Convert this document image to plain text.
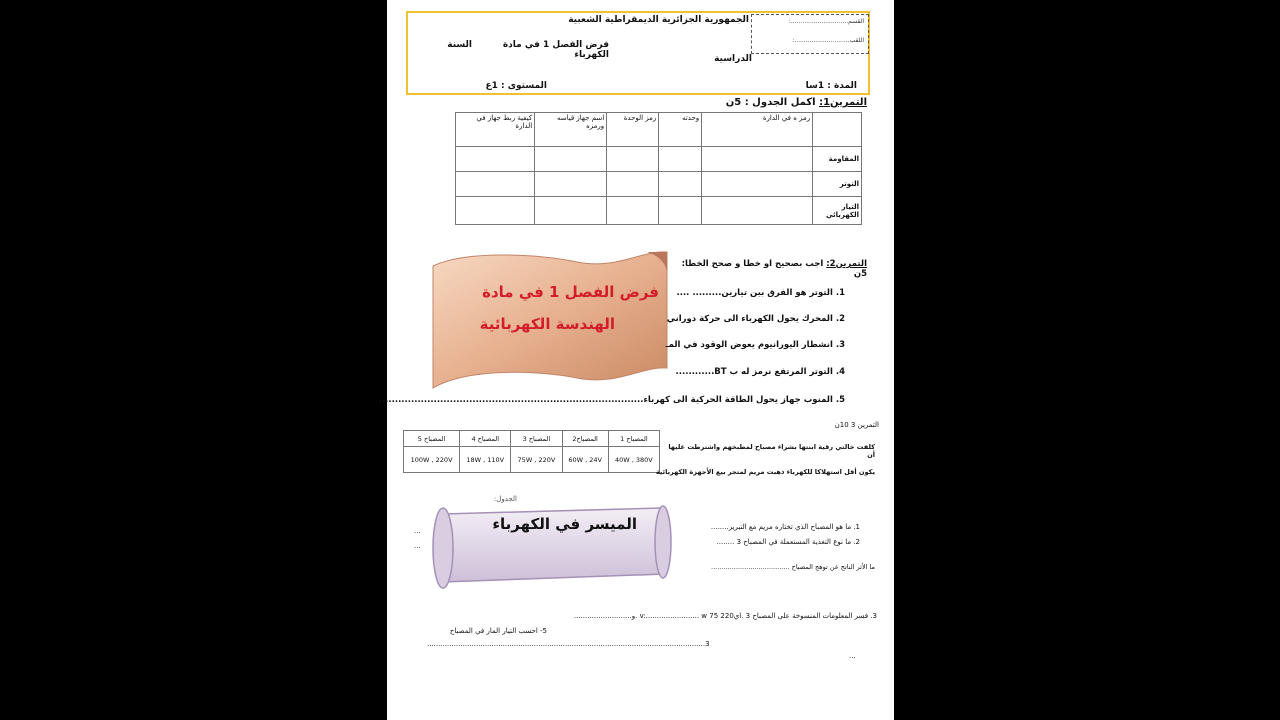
القسم..............................:
اللقب.............................:
الجمهورية الجزائرية الديمقراطية الشعبية
فرض الفصل 1 في مادة الكهرباء
السنة
الدراسية
المدة : 1سا
المستوى : 1ع
التمرين1: اكمل الجدول : 5ن
	رمز ه في الدارة	وحدته	رمز الوحدة	اسم جهاز قياسه ورمزه	كيفية ربط جهاز في الدارة
المقاومة					
التوتر					
التيار الكهربائي					
فرض الفصل 1 في مادة
الهندسة الكهربائية
التمرين2: اجب بصحيح او خطا و صحح الخطا: 5ن
1. التوتر هو الفرق بين تيارين......... ....
2. المحرك يحول الكهرباء الى حركة دوراني
3. انشطار اليورانيوم يعوض الوقود في المـ
4. التوتر المرتفع نرمز له ب BT............
5. المنوب جهاز يحول الطاقة الحركية الى كهرباء..................................................................................
التمرين 3 10ن
المصباح 5	المصباح 4	المصباح 3	المصباح2	المصباح 1
100W , 220V	18W , 110V	75W , 220V	60W , 24V	40W , 380V
كلفت خالتي رقية ابنتها بشراء مصباح لمطبخهم واشترطت عليها أن
يكون أقل استهلاكا للكهرباء ذهبت مريم لمتجر بيع الأجهزة الكهربائية
الجدول:
...
...
الميسر في الكهرباء	1. ما هو المصباح الذي تختاره مريم مع التبرير........
2. ما نوع التغذية المستعملة في المصباح 3 ........
ما الأثر الناتج عن توهج المصباح ......................................
3. فسر المعلومات المنسوخة على المصباح 3 .اي220 v:........................ w 75 .و..........................
5- احسب التيار المار في المصباح
.............................................................................................................................3
...
